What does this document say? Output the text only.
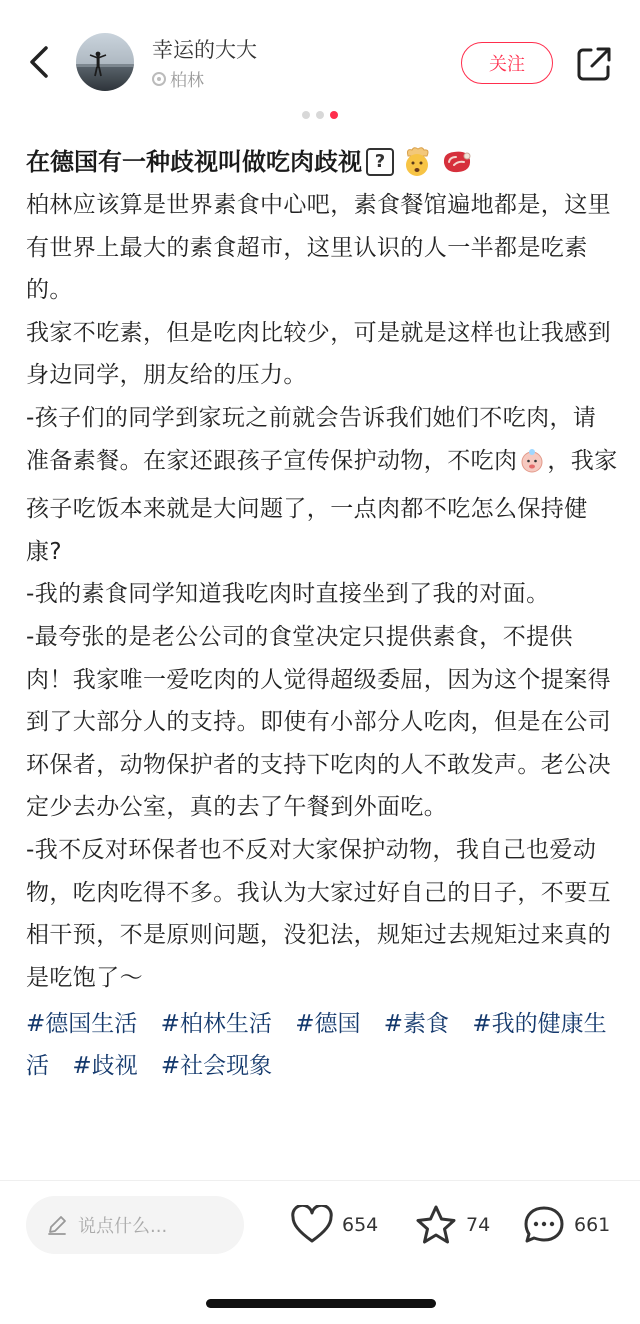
幸运的大大
柏林
关注
在德国有一种歧视叫做吃肉歧视 ?
柏林应该算是世界素食中心吧，素食餐馆遍地都是，这里有世界上最大的素食超市，这里认识的人一半都是吃素的。
我家不吃素，但是吃肉比较少，可是就是这样也让我感到身边同学，朋友给的压力。
-孩子们的同学到家玩之前就会告诉我们她们不吃肉，请准备素餐。在家还跟孩子宣传保护动物，不吃肉 ，我家孩子吃饭本来就是大问题了，一点肉都不吃怎么保持健康?
-我的素食同学知道我吃肉时直接坐到了我的对面。
-最夸张的是老公公司的食堂决定只提供素食，不提供肉！我家唯一爱吃肉的人觉得超级委屈，因为这个提案得到了大部分人的支持。即使有小部分人吃肉，但是在公司环保者，动物保护者的支持下吃肉的人不敢发声。老公决定少去办公室，真的去了午餐到外面吃。
-我不反对环保者也不反对大家保护动物，我自己也爱动物，吃肉吃得不多。我认为大家过好自己的日子，不要互相干预，不是原则问题，没犯法，规矩过去规矩过来真的是吃饱了～
#德国生活 #柏林生活 #德国 #素食 #我的健康生活 #歧视 #社会现象
说点什么...	654	74	661
